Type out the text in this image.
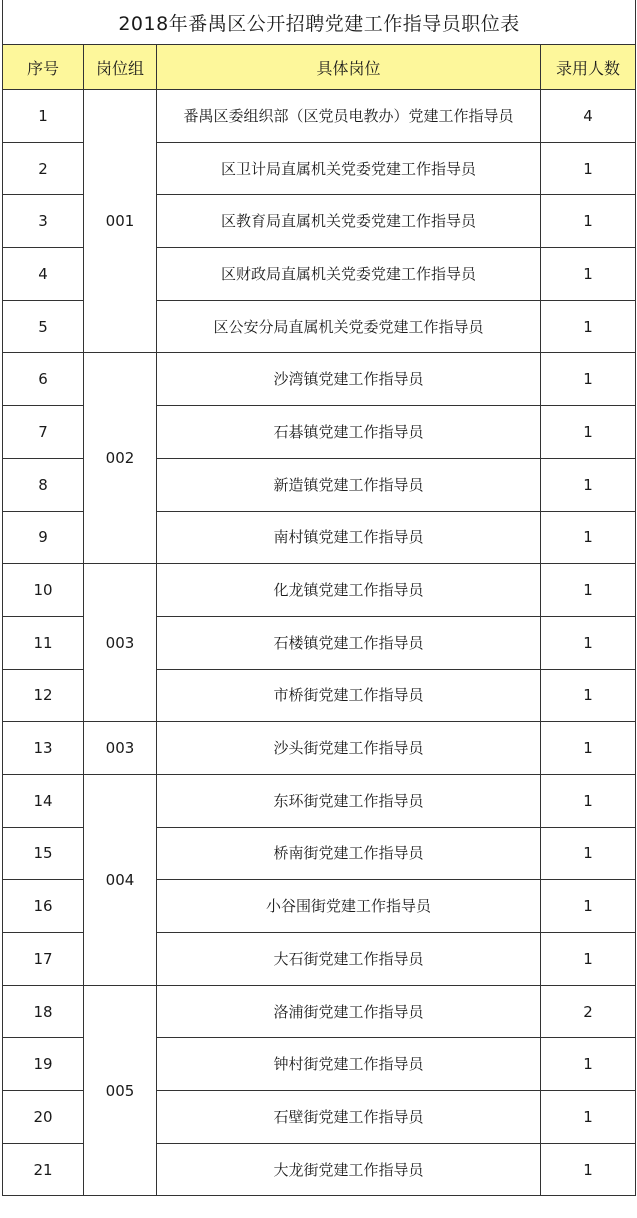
2018年番禺区公开招聘党建工作指导员职位表			
序号	岗位组	具体岗位	录用人数
1	001	番禺区委组织部（区党员电教办）党建工作指导员	4
2		区卫计局直属机关党委党建工作指导员	1
3		区教育局直属机关党委党建工作指导员	1
4		区财政局直属机关党委党建工作指导员	1
5		区公安分局直属机关党委党建工作指导员	1
6	002	沙湾镇党建工作指导员	1
7		石碁镇党建工作指导员	1
8		新造镇党建工作指导员	1
9		南村镇党建工作指导员	1
10	003	化龙镇党建工作指导员	1
11		石楼镇党建工作指导员	1
12		市桥街党建工作指导员	1
13	003	沙头街党建工作指导员	1
14	004	东环街党建工作指导员	1
15		桥南街党建工作指导员	1
16		小谷围街党建工作指导员	1
17		大石街党建工作指导员	1
18	005	洛浦街党建工作指导员	2
19		钟村街党建工作指导员	1
20		石壁街党建工作指导员	1
21		大龙街党建工作指导员	1
